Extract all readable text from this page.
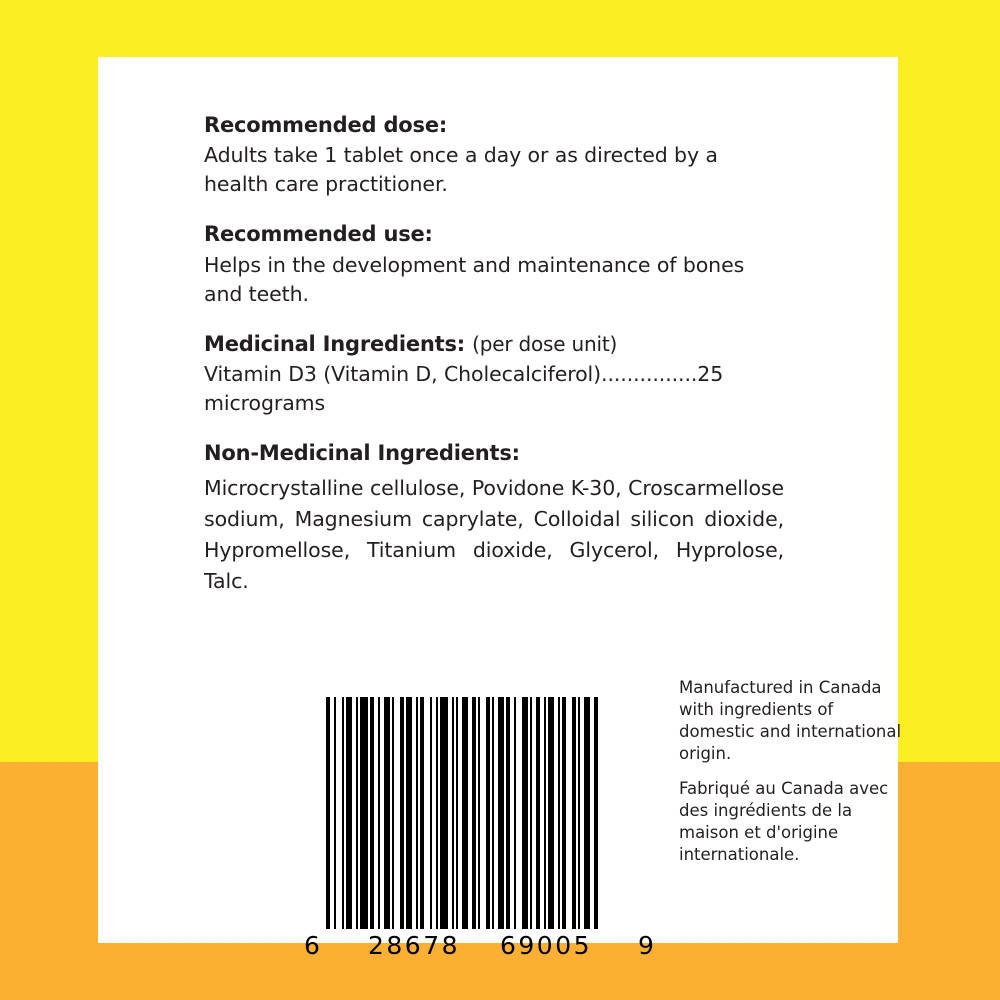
Recommended dose:

Adults take 1 tablet once a day or as directed by a health care practitioner.

Recommended use:

Helps in the development and maintenance of bones and teeth.

Medicinal Ingredients: (per dose unit)

Vitamin D3 (Vitamin D, Cholecalciferol)...............25 micrograms

Non-Medicinal Ingredients:

Microcrystalline cellulose, Povidone K-30, Croscarmellose sodium, Magnesium caprylate, Colloidal silicon dioxide, Hypromellose, Titanium dioxide, Glycerol, Hyprolose, Talc.

6 28678 69005 9

Manufactured in Canada with ingredients of domestic and international origin.

Fabriqué au Canada avec des ingrédients de la maison et d'origine internationale.
